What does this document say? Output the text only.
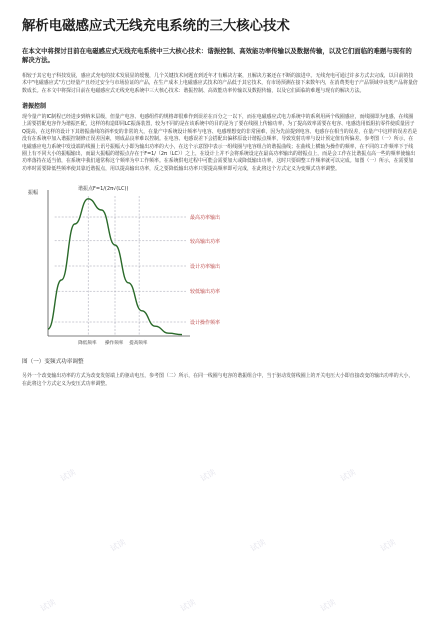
解析电磁感应式无线充电系统的三大核心技术

在本文中将探讨目前在电磁感应式无线充电系统中三大核心技术：谐振控制、高效能功率传输以及数据传输，以及它们面临的难题与现有的解决方法。

相较于其它电子科技发展，感应式充电的技术发展显的缓慢，几个关键技术问题直到近年才有解决方案，且解决方案还在不断的演进中。无线充电可通过许多方式去完成，以目前的技术中"电磁感应式"方已经量产且经过安全与市场验证的产品，在生产成本上电磁感应式技术的产品低于其它技术，有市场预测在接下来数年内，在消费类电子产品领域中该类产品将量倍数成长。在本文中将探讨目前在电磁感应式无线充电系统中三大核心技术：谐振控制、高效能功率传输以及数据传输，以及它们面临的难题与现有的解决方法。

谐振控制

现今量产的IC制程已经进步到纳米层级，但量产电容、电感组件的规格却很难作到误差在百分之一以下，而在电磁感应式电力系统中的系利用两个线圈感应，而线圈即为电感，在线圈上需要搭配电容作为谐振匹配，这样的构造即同LC振荡装置，较为不同的是在该系统中的目的是为了要在线圈上传输功率，为了提高效率需要在电容、电感选用低阻抗零件使质量因子Q提高，在这样的设计下其谐振曲线的斜率变的非常的大，在量产中系统设计频率与电容、电感理想变的非常困难，因为先前提到电容、电感存在相当的误差，在量产中这样的误差若是没有在系统中加入谐振控制修正误差因素，则成品良率难以控制。在电容、电感误差下会搭配出偏移原设计谐振点频率，导致发射功率与设计预定值有所偏差。参考图（一）所示，在电磁感应电力系统中发设端的线圈上讯号振幅大小即为输出功率的大小，在这个示意图中表示一组线圈与电容组合的谐振曲线；在曲线上横轴为操作的频率，在不同的工作频率下于线圈上有不同大小的振幅输出，而最大振幅的谐振点存在于F=1/（2π（LC））之上，在设计上并不会将系统设定在最高功率输出的谐振点上，而是会工作在比谐振点高一些的频率使输出功率落持在适当值，在系统中我们通常称这个频率为中工作频率。在系统供电过程中可能会需要加大或降低输出功率，这时只要调整工作频率就可以完成。如图（一）所示，在需要加功率时需要降低些频率使其靠近谐振点，用以提高输出功率，反之要降低输出功率只要提高频率即可完成，在此将这个方式定义为变频式功率调整。

振幅
谐振点F=1/(2π√(LC))
最高功率输出
较高输出功率
设计功率输出
较低输出功率
设计操作频率
降低频率 操作频率 提高频率
图（一）变频式功率调整

另外一个改变输出功率的方式为改变发射端上的驱动电压，参考图（二）所示，在同一线圈与电容的谐振组合中，当于驱动发射线圈上的开关电压大小即直接改变的输出功率的大小，在此将这个方式定义为变压式功率调整。

试读	试读	试读
试读	试读	试读
试读	试读	试读
